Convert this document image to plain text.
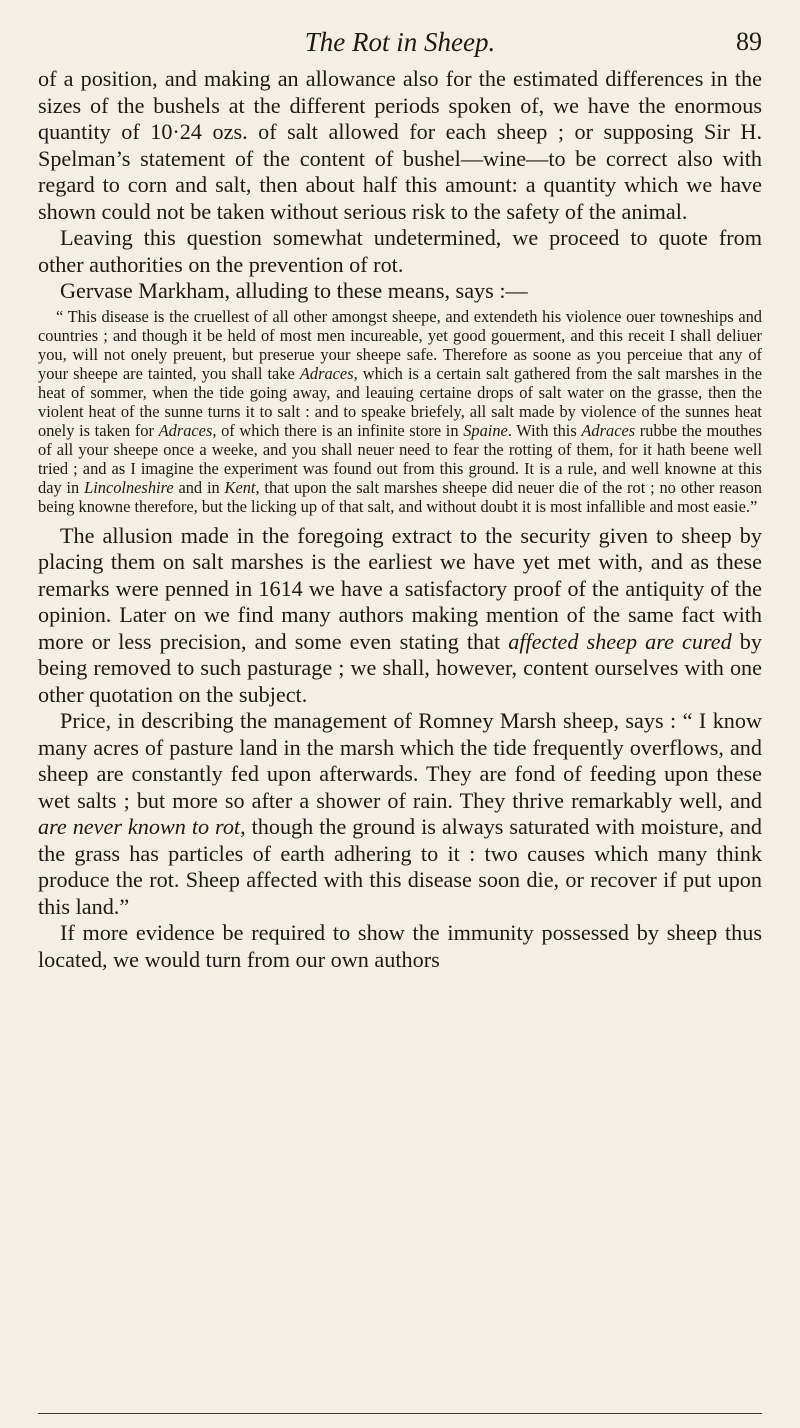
The Rot in Sheep.	89

of a position, and making an allowance also for the estimated differences in the sizes of the bushels at the different periods spoken of, we have the enormous quantity of 10·24 ozs. of salt allowed for each sheep ; or supposing Sir H. Spelman’s statement of the content of bushel—wine—to be correct also with regard to corn and salt, then about half this amount: a quantity which we have shown could not be taken without serious risk to the safety of the animal.

Leaving this question somewhat undetermined, we proceed to quote from other authorities on the prevention of rot.

Gervase Markham, alluding to these means, says :—

“ This disease is the cruellest of all other amongst sheepe, and extendeth his violence ouer towneships and countries ; and though it be held of most men incureable, yet good gouerment, and this receit I shall deliuer you, will not onely preuent, but preserue your sheepe safe. Therefore as soone as you perceiue that any of your sheepe are tainted, you shall take Adraces, which is a certain salt gathered from the salt marshes in the heat of sommer, when the tide going away, and leauing certaine drops of salt water on the grasse, then the violent heat of the sunne turns it to salt : and to speake briefely, all salt made by violence of the sunnes heat onely is taken for Adraces, of which there is an infinite store in Spaine. With this Adraces rubbe the mouthes of all your sheepe once a weeke, and you shall neuer need to fear the rotting of them, for it hath beene well tried ; and as I imagine the experiment was found out from this ground. It is a rule, and well knowne at this day in Lincolneshire and in Kent, that upon the salt marshes sheepe did neuer die of the rot ; no other reason being knowne therefore, but the licking up of that salt, and without doubt it is most infallible and most easie.”

The allusion made in the foregoing extract to the security given to sheep by placing them on salt marshes is the earliest we have yet met with, and as these remarks were penned in 1614 we have a satisfactory proof of the antiquity of the opinion. Later on we find many authors making mention of the same fact with more or less precision, and some even stating that affected sheep are cured by being removed to such pasturage ; we shall, however, content ourselves with one other quotation on the subject.

Price, in describing the management of Romney Marsh sheep, says : “ I know many acres of pasture land in the marsh which the tide frequently overflows, and sheep are constantly fed upon afterwards. They are fond of feeding upon these wet salts ; but more so after a shower of rain. They thrive remarkably well, and are never known to rot, though the ground is always saturated with moisture, and the grass has particles of earth adhering to it : two causes which many think produce the rot. Sheep affected with this disease soon die, or recover if put upon this land.”

If more evidence be required to show the immunity possessed by sheep thus located, we would turn from our own authors
